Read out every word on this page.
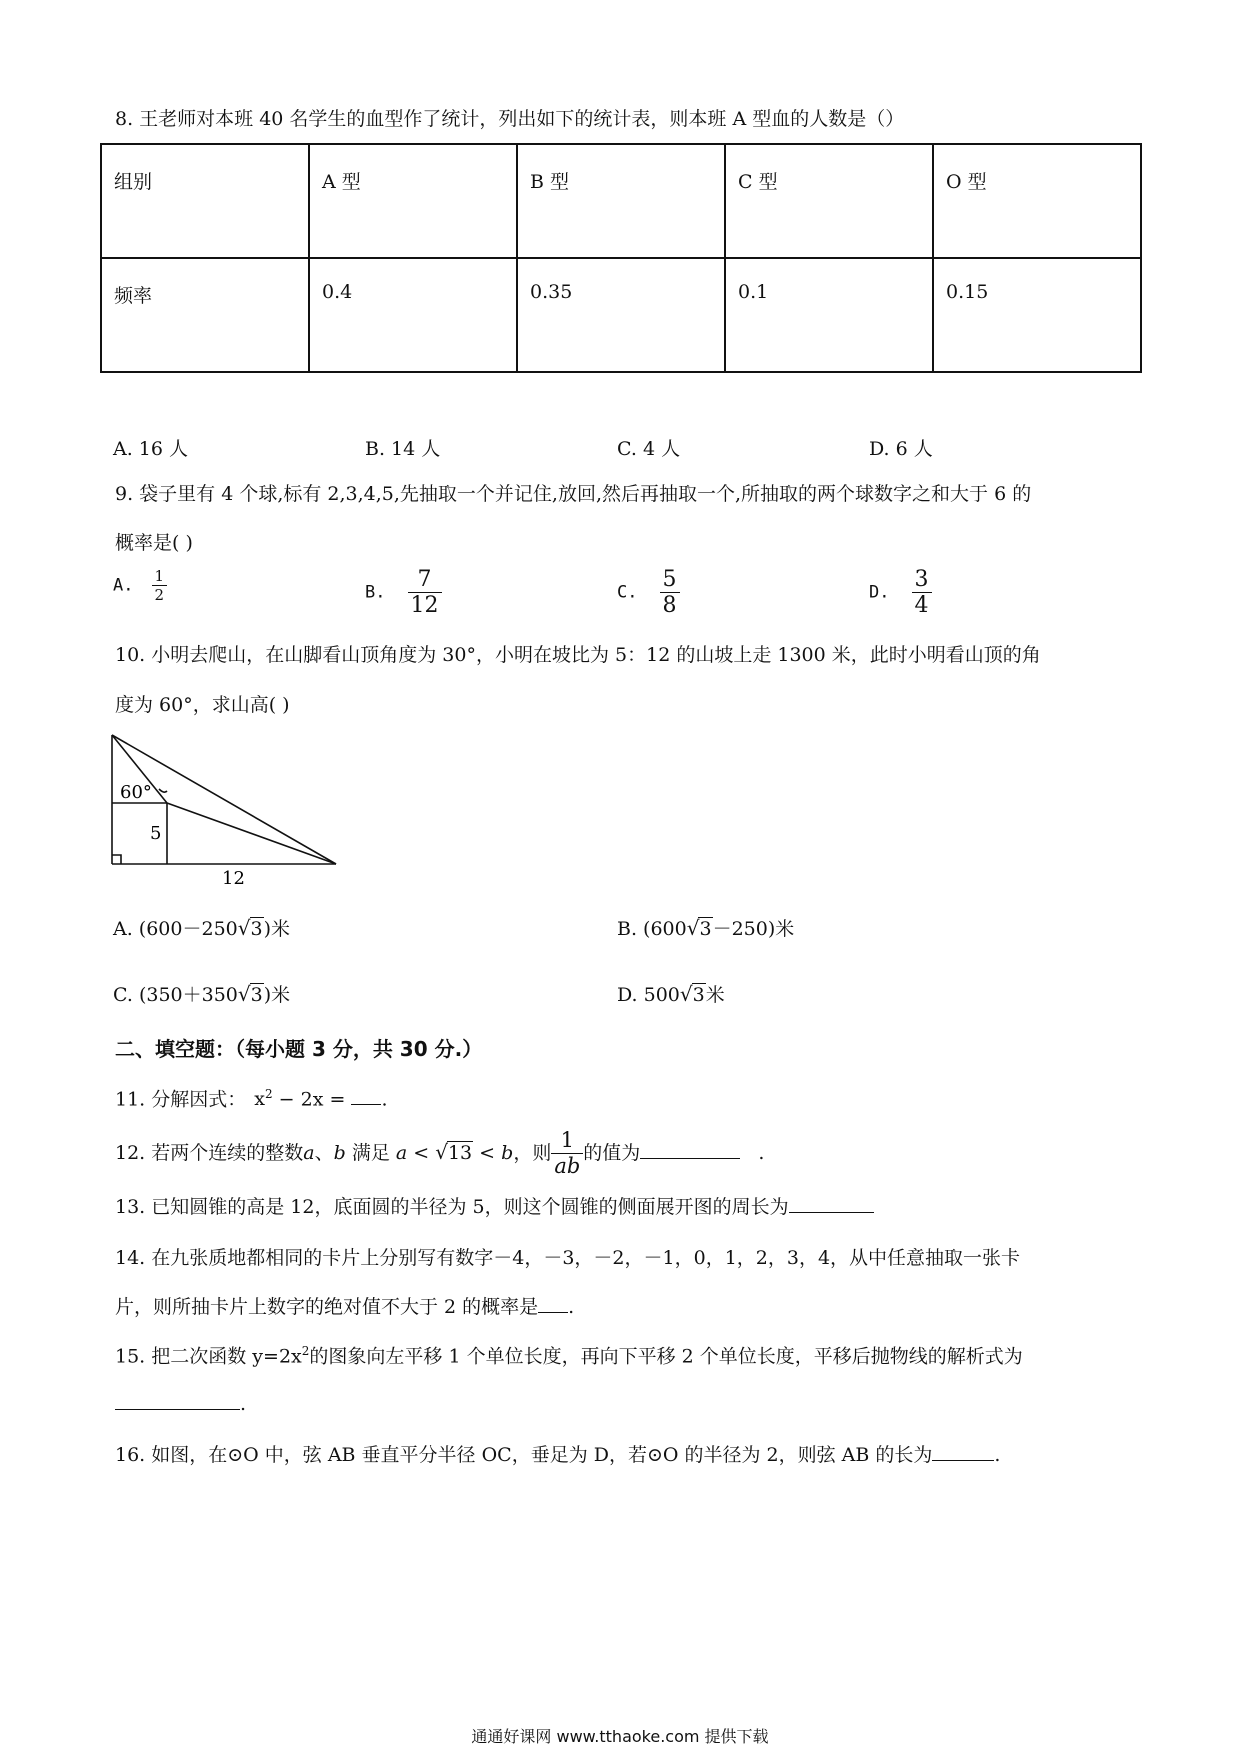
8. 王老师对本班 40 名学生的血型作了统计，列出如下的统计表，则本班 A 型血的人数是（）
组别	A 型	B 型	C 型	O 型
频率	0.4	0.35	0.1	0.15
A. 16 人	B. 14 人	C. 4 人	D. 6 人
9. 袋子里有 4 个球,标有 2,3,4,5,先抽取一个并记住,放回,然后再抽取一个,所抽取的两个球数字之和大于 6 的
概率是( )
A. $\frac{1}{2}$	B. $\frac{7}{12}$	C. $\frac{5}{8}$	D. $\frac{3}{4}$
10. 小明去爬山，在山脚看山顶角度为 30°，小明在坡比为 5：12 的山坡上走 1300 米，此时小明看山顶的角
度为 60°，求山高( )
60°
5
12
A. (600－250√3)米	B. (600√3－250)米
C. (350＋350√3)米	D. 500√3米
二、填空题：（每小题 3 分，共 30 分.）
11. 分解因式： $x^2 - 2x$ = .
12. 若两个连续的整数a、b 满足 a < √13 < b，则 $\frac{1}{ab}$ 的值为	.
13. 已知圆锥的高是 12，底面圆的半径为 5，则这个圆锥的侧面展开图的周长为
14. 在九张质地都相同的卡片上分别写有数字－4，－3，－2，－1，0，1，2，3，4，从中任意抽取一张卡
片，则所抽卡片上数字的绝对值不大于 2 的概率是 .
15. 把二次函数 $y=2x^2$的图象向左平移 1 个单位长度，再向下平移 2 个单位长度，平移后抛物线的解析式为
.
16. 如图，在⊙O 中，弦 AB 垂直平分半径 OC，垂足为 D，若⊙O 的半径为 2，则弦 AB 的长为	.
通通好课网 www.tthaoke.com 提供下载
